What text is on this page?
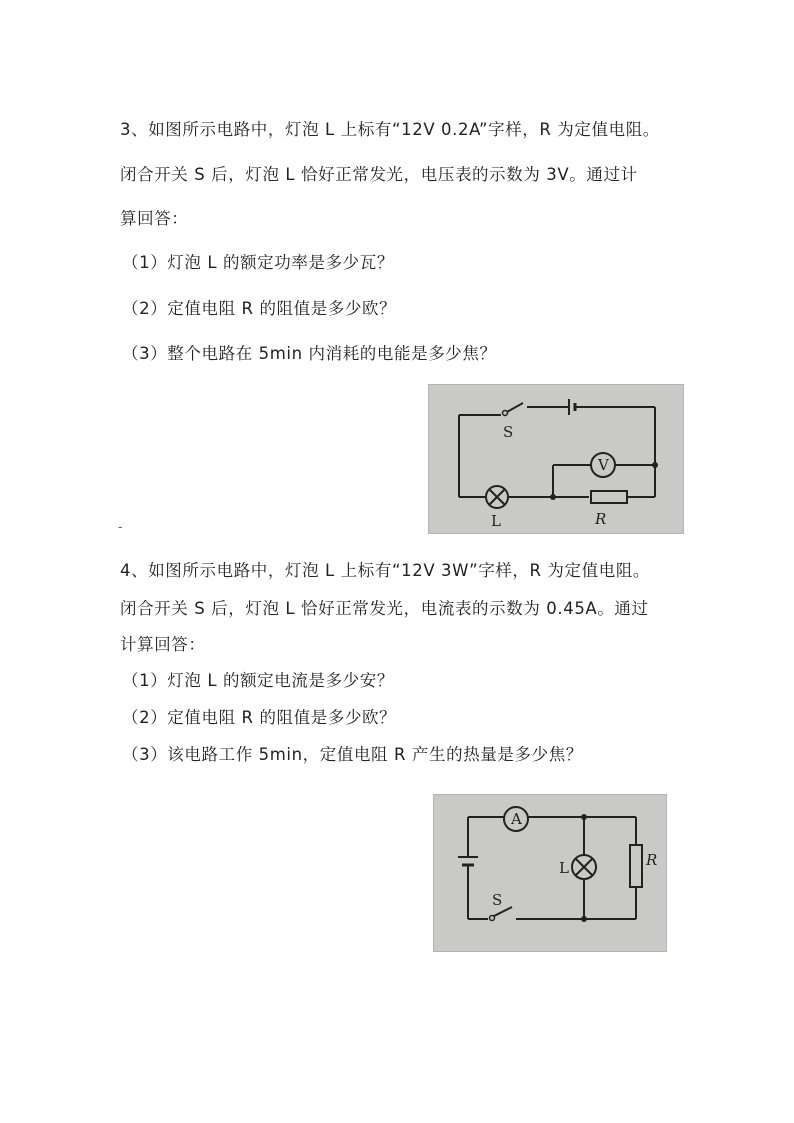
3、如图所示电路中，灯泡 L 上标有“12V 0.2A”字样，R 为定值电阻。
闭合开关 S 后，灯泡 L 恰好正常发光，电压表的示数为 3V。通过计
算回答：
（1）灯泡 L 的额定功率是多少瓦？
（2）定值电阻 R 的阻值是多少欧？
（3）整个电路在 5min 内消耗的电能是多少焦？
S
V
L	R
-
4、如图所示电路中，灯泡 L 上标有“12V 3W”字样，R 为定值电阻。
闭合开关 S 后，灯泡 L 恰好正常发光，电流表的示数为 0.45A。通过
计算回答：
（1）灯泡 L 的额定电流是多少安？
（2）定值电阻 R 的阻值是多少欧？
（3）该电路工作 5min，定值电阻 R 产生的热量是多少焦？
A
L
S
R
